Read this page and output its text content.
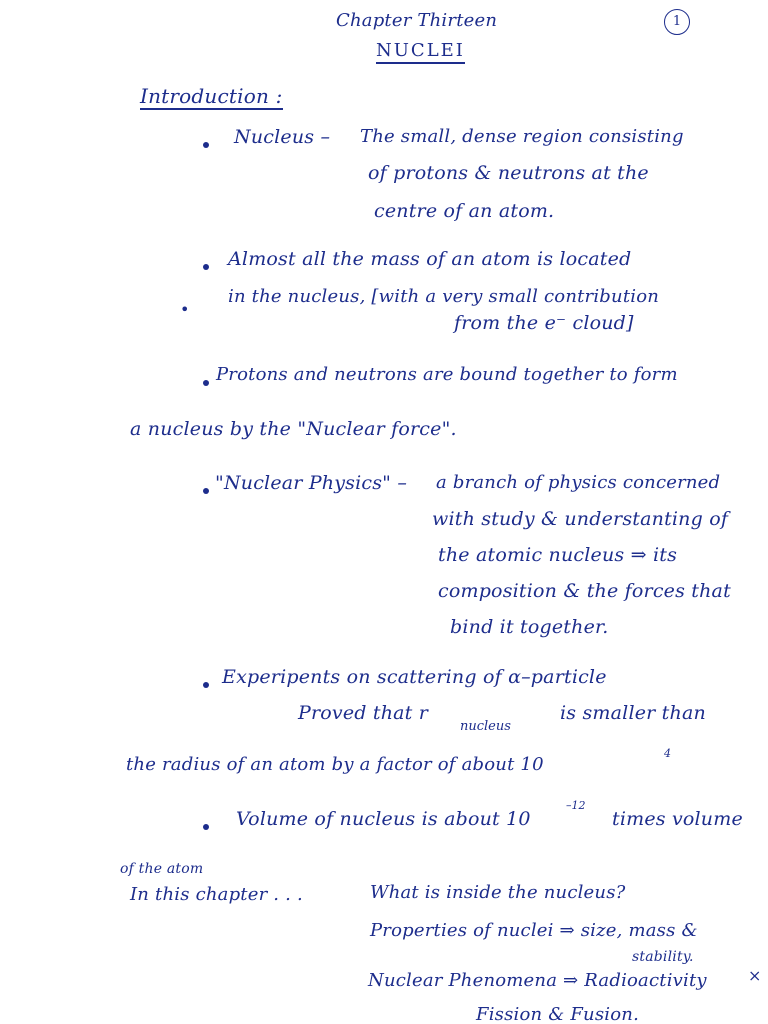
Chapter Thirteen	1
NUCLEI
Introduction :
Nucleus – The small, dense region consisting
of protons & neutrons at the
centre of an atom.
Almost all the mass of an atom is located
•
in the nucleus, [with a very small contribution
from the e⁻ cloud]
Protons and neutrons are bound together to form
a nucleus by the "Nuclear force".
"Nuclear Physics" – a branch of physics concerned
with study & understanting of
the atomic nucleus ⇒ its
composition & the forces that
bind it together.
Experipents on scattering of α–particle
Proved that r
nucleus
is smaller than
the radius of an atom by a factor of about 10
4
Volume of nucleus is about 10
–12
times volume
of the atom
In this chapter . . .	What is inside the nucleus?
Properties of nuclei ⇒ size, mass &
stability.
Nuclear Phenomena ⇒ Radioactivity	×
Fission & Fusion.
